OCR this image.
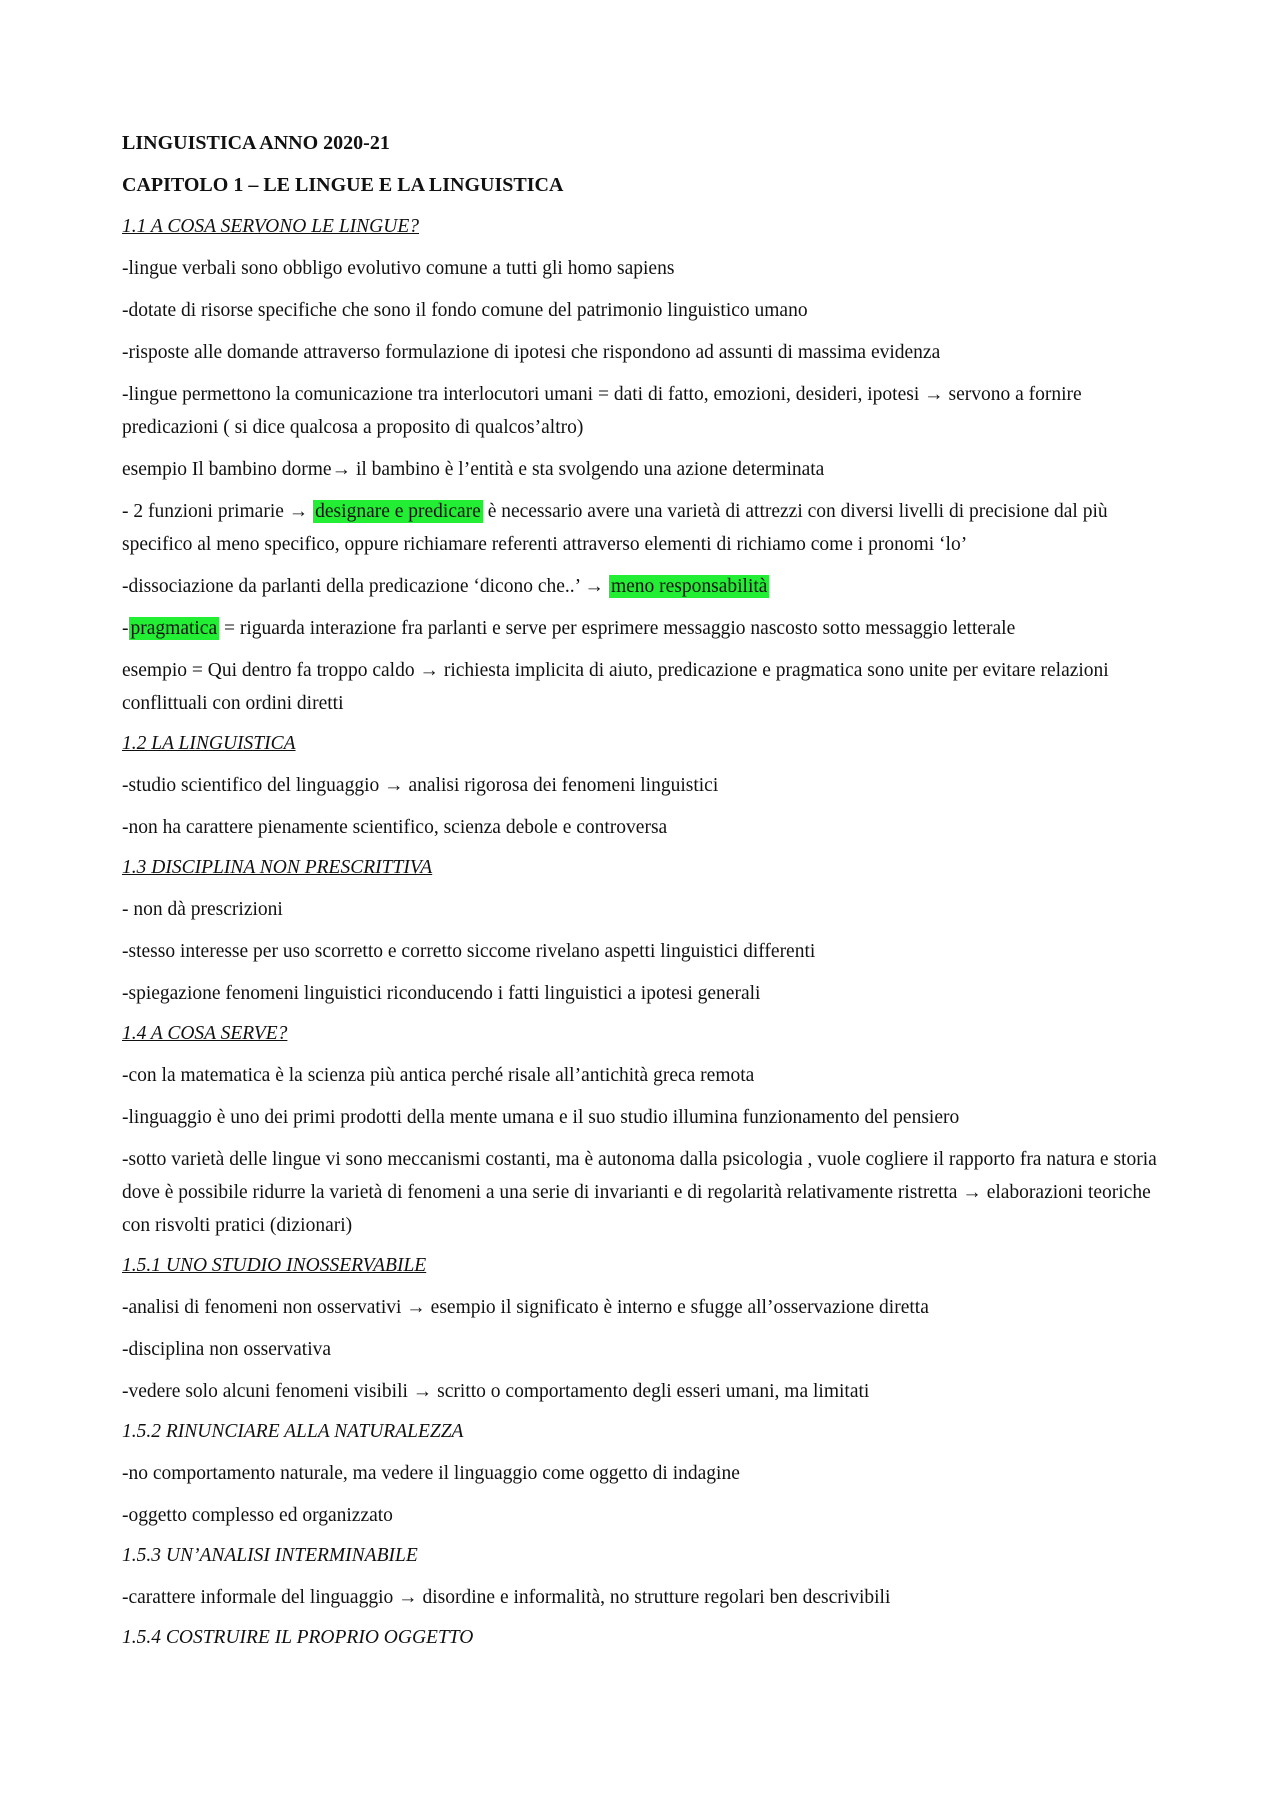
LINGUISTICA ANNO 2020-21
CAPITOLO 1 – LE LINGUE E LA LINGUISTICA
1.1 A COSA SERVONO LE LINGUE?

-lingue verbali sono obbligo evolutivo comune a tutti gli homo sapiens

-dotate di risorse specifiche che sono il fondo comune del patrimonio linguistico umano

-risposte alle domande attraverso formulazione di ipotesi che rispondono ad assunti di massima evidenza

-lingue permettono la comunicazione tra interlocutori umani = dati di fatto, emozioni, desideri, ipotesi → servono a fornire predicazioni ( si dice qualcosa a proposito di qualcos’altro)

esempio Il bambino dorme→ il bambino è l’entità e sta svolgendo una azione determinata

- 2 funzioni primarie → designare e predicare è necessario avere una varietà di attrezzi con diversi livelli di precisione dal più specifico al meno specifico, oppure richiamare referenti attraverso elementi di richiamo come i pronomi ‘lo’

-dissociazione da parlanti della predicazione ‘dicono che..’ → meno responsabilità

- pragmatica = riguarda interazione fra parlanti e serve per esprimere messaggio nascosto sotto messaggio letterale

esempio = Qui dentro fa troppo caldo → richiesta implicita di aiuto, predicazione e pragmatica sono unite per evitare relazioni conflittuali con ordini diretti

1.2 LA LINGUISTICA

-studio scientifico del linguaggio → analisi rigorosa dei fenomeni linguistici

-non ha carattere pienamente scientifico, scienza debole e controversa

1.3 DISCIPLINA NON PRESCRITTIVA

- non dà prescrizioni

-stesso interesse per uso scorretto e corretto siccome rivelano aspetti linguistici differenti

-spiegazione fenomeni linguistici riconducendo i fatti linguistici a ipotesi generali

1.4 A COSA SERVE?

-con la matematica è la scienza più antica perché risale all’antichità greca remota

-linguaggio è uno dei primi prodotti della mente umana e il suo studio illumina funzionamento del pensiero

-sotto varietà delle lingue vi sono meccanismi costanti, ma è autonoma dalla psicologia , vuole cogliere il rapporto fra natura e storia dove è possibile ridurre la varietà di fenomeni a una serie di invarianti e di regolarità relativamente ristretta → elaborazioni teoriche con risvolti pratici (dizionari)

1.5.1 UNO STUDIO INOSSERVABILE

-analisi di fenomeni non osservativi → esempio il significato è interno e sfugge all’osservazione diretta

-disciplina non osservativa

-vedere solo alcuni fenomeni visibili → scritto o comportamento degli esseri umani, ma limitati

1.5.2 RINUNCIARE ALLA NATURALEZZA

-no comportamento naturale, ma vedere il linguaggio come oggetto di indagine

-oggetto complesso ed organizzato

1.5.3 UN’ANALISI INTERMINABILE

-carattere informale del linguaggio → disordine e informalità, no strutture regolari ben descrivibili

1.5.4 COSTRUIRE IL PROPRIO OGGETTO
